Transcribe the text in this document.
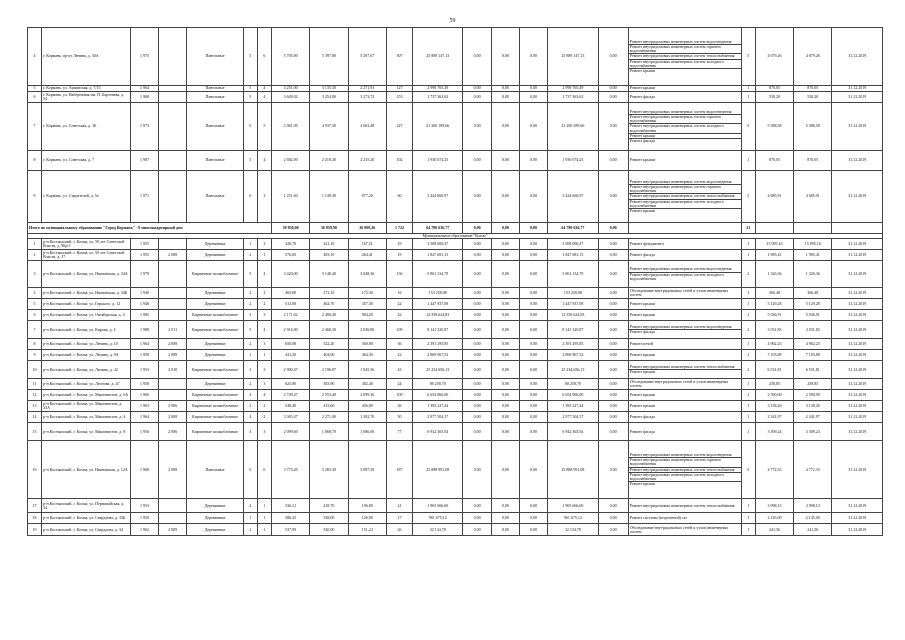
59
4	г. Кормань, пр-кт Ленина, д. 30А	1 975		Панельные	5	6	5 705,00	5 397,00	5 297,67	307	25 889 147,13	0,00	0,00	0,00	25 889 147,13	0,00	Ремонт внутридомовых инженерных систем водоотведения
Ремонт внутридомовых инженерных систем горячего водоснабжения
Ремонт внутридомовых инженерных систем теплоснабжения
Ремонт внутридомовых инженерных систем холодного водоснабжения
Ремонт крыши	5	4 679,26	4 679,26	31.12.2019
5	г. Кормань, ул. Армянская, д. 7/15	1 964		Панельные	5	4	3 251,00	3 135,30	2 271,93	127	2 998 765,49	0,00	0,00	0,00	2 998 765,49	0,00	Ремонт крыши	1	870,05	870,05	31.12.2019
6	г. Кормань, ул. Набережная им. П. Бартенева, д. 54	1 968		Панельные	5	4	3 649,02	3 254,00	3 273,72	153	1 737 363,62	0,00	0,00	0,00	1 737 363,62	0,00	Ремонт фасада	1	530,20	530,20	31.12.2019
7	г. Кормань, ул. Советская, д. 1Б	1 973		Панельные	5	5	5 061,30	4 937,30	4 663,48	247	21 260 189,66	0,00	0,00	0,00	21 260 189,66	0,00	Ремонт внутридомовых инженерных систем водоотведения
Ремонт внутридомовых инженерных систем горячего водоснабжения
Ремонт внутридомовых инженерных систем холодного водоснабжения
Ремонт крыши
Ремонт фасада	5	5 388,58	5 388,58	31.12.2019
8	г. Кормань, ул. Советская, д. 7	1 987		Панельные	5	4	2 682,00	2 218,40	2 215,20	102	1 930 074,25	0,00	0,00	0,00	1 930 074,25	0,00	Ремонт крыши	1	870,05	870,05	31.12.2019
9	г. Кормань, ул. Строителей, д. 5а	1 971		Панельные	6	3	1 251,60	1 149,30	977,20	60	5 424 660,97	0,00	0,00	0,00	5 424 660,97	0,00	Ремонт внутридомовых инженерных систем водоотведения
Ремонт внутридомовых инженерных систем горячего водоснабжения
Ремонт внутридомовых инженерных систем теплоснабжения
Ремонт внутридомовых инженерных систем холодного водоснабжения
Ремонт крыши	5	4 685,91	4 685,91	31.12.2019
Итого по муниципальному образованию "Город Кормань" - 9 многоквартирный дом							39 850,00	36 859,90	36 809,26	1 722	64 780 636,77	0,00	0,00	0,00	64 780 636,77	0,00		21			
Муниципальное образование "Кохма"																					
1	р-н Костышский, г. Кохма, ул. 50 лет Советской Власти, д. 9Бр-1	1 955		Деревянные	1	3	420,70	221,10	167,51	19	3 508 000,47	0,00	0,00	0,00	3 508 000,47	0,00	Ремонт фундамента	1	15 095,16	15 095,16	31.12.2019
2	р-н Костышский, г. Кохма, ул. 50 лет Советской Власти, д. 37	1 955	2 008	Деревянные	2	1	576,00	483,10	264,41	19	1 847 681,15	0,00	0,00	0,00	1 847 681,15	0,00	Ремонт фасада	1	1 985,41	1 985,41	31.12.2019
3	р-н Костышский, г. Кохма, ул. Ивановская, д. 34А	1 979		Кирпичные шлакоблочные	5	4	3 420,00	3 148,40	3 048,36	136	5 861 134,79	0,00	0,00	0,00	5 861 134,79	0,00	Ремонт внутридомовых инженерных систем водоотведения
Ремонт внутридомовых инженерных систем холодного водоснабжения	2	1 326,36	1 326,36	31.12.2019
4	р-н Костышский, г. Кохма, ул. Ивановская, д. 34Б	1 946		Деревянные	2	2	465,00	272,10	172,30	16	153 258,08	0,00	0,00	0,00	153 258,08	0,00	Обследование внутридомовых сетей и узлов инженерных систем	1	366,48	366,48	31.12.2019
5	р-н Костышский, г. Кохма, ул. Горького, д. 12	1 946		Деревянные	2	2	513,00	462,70	357,30	22	1 447 937,08	0,00	0,00	0,00	1 447 937,08	0,00	Ремонт крыши	1	5 129,28	5 129,28	31.12.2019
6	р-н Костышский, г. Кохма, ул. Октябрьская, д. 4	1 985		Кирпичные шлакоблочные	3	3	2 171,62	2 490,40	904,20	42	12 358 624,83	0,00	0,00	0,00	12 358 624,83	0,00	Ремонт крыши	1	5 036,91	5 036,91	31.12.2019
7	р-н Костышский, г. Кохма, ул. Кирова, д. 4	1 988	2 011	Кирпичные шлакоблочные	5	4	2 916,90	2 468,30	2 036,80	109	8 141 320,87	0,00	0,00	0,00	8 141 320,87	0,00	Ремонт внутридомовых инженерных систем водоотведения
Ремонт фасада	2	3 031,83	3 031,83	31.12.2019
8	р-н Костышский, г. Кохма, ул. Ленина, д. 10	1 964	2 008	Деревянные	2	3	650,08	522,20	360,80	36	2 391 295,85	0,00	0,00	0,00	2 391 295,85	0,00	Ремонт печей	1	4 962,23	4 962,23	31.12.2019
9	р-н Костышский, г. Кохма, ул. Ленина, д. 9А	1 958	2 008	Деревянные	1	1	441,20	404,00	464,30	22	2 869 967,52	0,00	0,00	0,00	2 869 967,52	0,00	Ремонт крыши	1	7 103,88	7 103,88	31.12.2019
10	р-н Костышский, г. Кохма, ул. Ленина, д. 42	1 953	2 010	Кирпичные шлакоблочные	3	3	2 900,47	2 196,07	1 945,56	43	25 234 656,13	0,00	0,00	0,00	25 234 656,13	0,00	Ремонт внутридомовых инженерных систем теплоснабжения
Ремонт крыши	2	6 531,81	6 531,81	31.12.2019
11	р-н Костышский, г. Кохма, ул. Леонова, д. 2Г	1 958		Деревянные	2	3	625,80	383,90	382,40	24	80 258,70	0,00	0,00	0,00	80 258,70	0,00	Обследование внутридомовых сетей и узлов инженерных систем	1	258,85	258,85	31.12.2019
12	р-н Костышский, г. Кохма, ул. Машинистов, д. 6А	1 966		Кирпичные шлакоблочные	4	4	2 749,47	2 553,40	2 099,36	100	6 654 966,00	0,00	0,00	0,00	6 654 966,00	0,00	Ремонт крыши	1	2 590,00	2 590,00	31.12.2019
13	р-н Костышский, г. Кохма, ул. Машинистов, д. 33А	1 963	2 006	Кирпичные шлакоблочные	2	2	548,40	433,60	456,90	26	1 395 227,44	0,00	0,00	0,00	1 395 227,44	0,00	Ремонт крыши	1	3 138,26	3 138,26	31.12.2019
14	р-н Костышский, г. Кохма, ул. Машинистов, д. 4	1 964	2 008	Кирпичные шлакоблочные	4	2	3 365,47	2 271,00	1 392,70	50	2 977 504,37	0,00	0,00	0,00	2 977 504,37	0,00	Ремонт фасада	1	2 341,97	2 341,97	31.12.2019
15	р-н Костышский, г. Кохма, ул. Машинистов, д. 8	1 956	2 006	Кирпичные шлакоблочные	3	3	2 099,60	1 868,70	1 686,00	77	6 942 365,04	0,00	0,00	0,00	6 942 365,04	0,00	Ремонт фасада	1	3 309,24	3 309,24	31.12.2019
16	р-н Костышский, г. Кохма, ул. Ивановская, д. 12А	1 968	2 008	Панельные	5	6	3 773,20	3 283,30	3 097,59	187	25 888 991,08	0,00	0,00	0,00	25 888 991,08	0,00	Ремонт внутридомовых инженерных систем водоотведения
Ремонт внутридомовых инженерных систем горячего водоснабжения
Ремонт внутридомовых инженерных систем теплоснабжения
Ремонт внутридомовых инженерных систем холодного водоснабжения
Ремонт крыши	5	4 772,33	4 772,33	31.12.2019
17	р-н Костышский, г. Кохма, ул. Первомайская, д. 34	1 953		Деревянные	2	1	536,21	418,70	106,80	21	1 965 666,60	0,00	0,00	0,00	1 965 666,60	0,00	Ремонт внутридомовых инженерных систем теплоснабжения	1	3 998,13	3 998,13	31.12.2019
18	р-н Костышский, г. Кохма, ул. Свердлова, д. 33Б	1 950		Деревянные	1	1	386,25	338,00	126,00	27	961 675,12	0,00	0,00	0,00	961 675,12	0,00	Ремонт системы (встроенной) газ	1	2 145,00	2 145,00	31.12.2019
19	р-н Костышский, г. Кохма, ул. Свердлова, д. 34	1 962	2 009	Деревянные	2	1	537,99	330,00	151,24	26	32 134,78	0,00	0,00	0,00	32 134,78	0,00	Обследование внутридомовых сетей и узлов инженерных систем	1	241,56	241,56	31.12.2019
